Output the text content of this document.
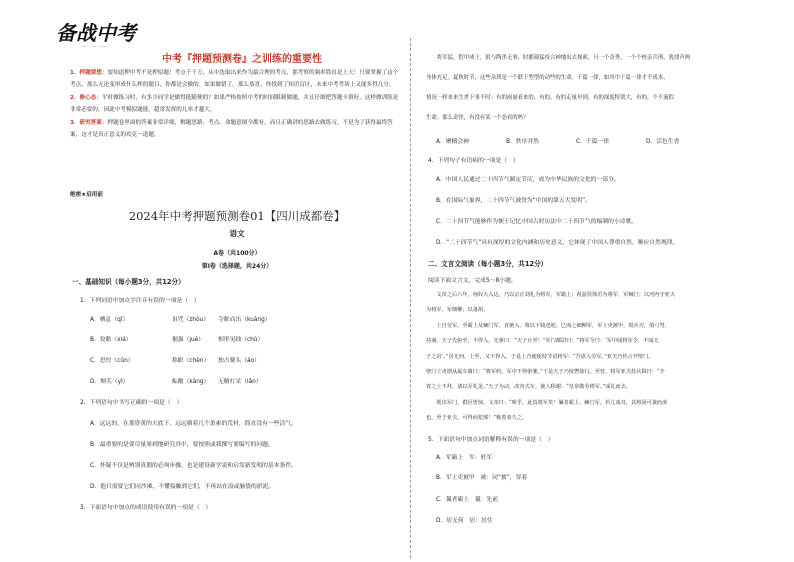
备战中考
— · — · —
中考『押题预测卷』之训练的重要性

1．押题猜想：要知道押中考不是押原题！考点千千万，从中选取出来作为最合理的考点，那考察的频率简直是上天！只要掌握了这个考点，那么无论变形成什么样的题目，你都是会做的。如果做错了，那么恭喜，你找到了知识盲区，未来中考考场上又能多得几分。

2．修心态：平时做练习时，有多少同学是做得挺随便的？如果严格按照中考的时间限制做题，并且仔细把答题卡填好，这样做训练是非常必要的，因此中考模拟题能，超常发挥的几率才越大。

3．研究答案：押题卷里面的答案非常详细，解题思路、考点、命题意图全都有，而且正确讲的思路去做练习，不是为了获得最终答案，这才是真正意义的攻克一道题。

绝密★启用前
2024年中考押题预测卷01【四川成都卷】
语文
A卷（共100分）
第Ⅰ卷（选择题，共24分）
一、基础知识（每小题3分，共12分）
1．下列词语中加点字注音有误的一项是（　）
A．栖息（qī）	诅咒（zhòu） 夺眶而出（kuàng）
B．狡黠（xiá）	倔强（jué） 相形见绌（chù）
C．思忖（cǔn）	称职（chèn） 独占鳌头（áo）
D．颓芙（yì）	酝酿（kàng） 无精打采（lǎn）
2．下列语句中书写正确的一项是（　）
A．远远的，在那昏黄的天底下，远远横着几个萧索的荒村，简直没有一些活气。
B．最重要的是要尽量周到地研究其中，要按照或我撰写要编写的问题。
C．怀疑不仅是辨别真假的必须步骤，也是建设新学说和启发新发明的基本条件。
D．他只需要它们同沙滩，不懂接触到它们，不再站在浪或脑袋的淤泥。
3．下面语句中加点的成语使用有误的一项是（　）
　　将军猛，铠甲成士，狼与陶杀无事，时都筛猛疫合神地出去探索，只一个奇秀，一个个校亲兵刑，犹律声两
身体充足。夏秋时节，这些杂质是一个联下型型的动些的生命。千篇一律，如其中千篇一律才不成本，
情况一样来来生世下事不时：有的雨量看来的，有的，有的走量早到，有的深度特别大，有的，个不流似
生命。那么奇怪，有没有某一个态看的吗？
A．聚精会神	B．秩序井然	C．千篇一律	D．活色生香
4．下列句子有语病的一项是（　）
A．中国人民通过二十四节气制定节庆，成为中华民族的文化的一部分。
B．在国际气象界，二十四节气被誉为“中国的第五大发明”。
C．二十四节气能够作为便于记忆中国古时历法中二十四节气的编制的小诗歌。
D．“二十四节气”具有深厚的文化内涵和历史意义，它体现了中国人尊重自然，顺应自然规律。
二、文言文阅读（每小题3分，共12分）
阅读下面文言文，完成5～8小题。
　　文帝之后六年，匈奴大入边。乃以宗正刘礼为将军，军霸上；祝兹侯徐厉为将军，军棘门；以河内守亚夫
为将军，军细柳；以备胡。
　　上自劳军。至霸上及棘门军，直驰入，将以下骑送迎。已而之细柳军，军士吏被甲，锐兵刃，彀弓弩，
持满。天子先驱至，不得入。先驱曰：“天子且至！”军门都尉曰：“将军令曰：‘军中闻将军令，不闻天
子之诏’。”居无何，上至，又不得入。于是上乃使使持节诏将军：“吾欲入劳军。”亚夫乃传言开壁门。
壁门士吏谓从属车骑曰：“将军约，军中不得驱驰。”于是天子乃按辔徐行。至营，将军亚夫持兵揖曰：“介
胄之士不拜，请以军礼见。”天子为动，改容式车。使人称谢：“皇帝敬劳将军。”成礼而去。
　　既出军门，群臣皆惊。文帝曰：“嗟乎，此真将军矣！曩者霸上、棘门军，若儿戏耳，其将固可袭而虏
也。至于亚夫，可得而犯邪！”称善者久之。
5．下面语句中加点词语解释有误的一项是（　）
A．军霸上　军：驻军
B．军士吏被甲　被：同“披”，穿着
C．曩者霸上　曩：先前
D．居无何　居：居住
